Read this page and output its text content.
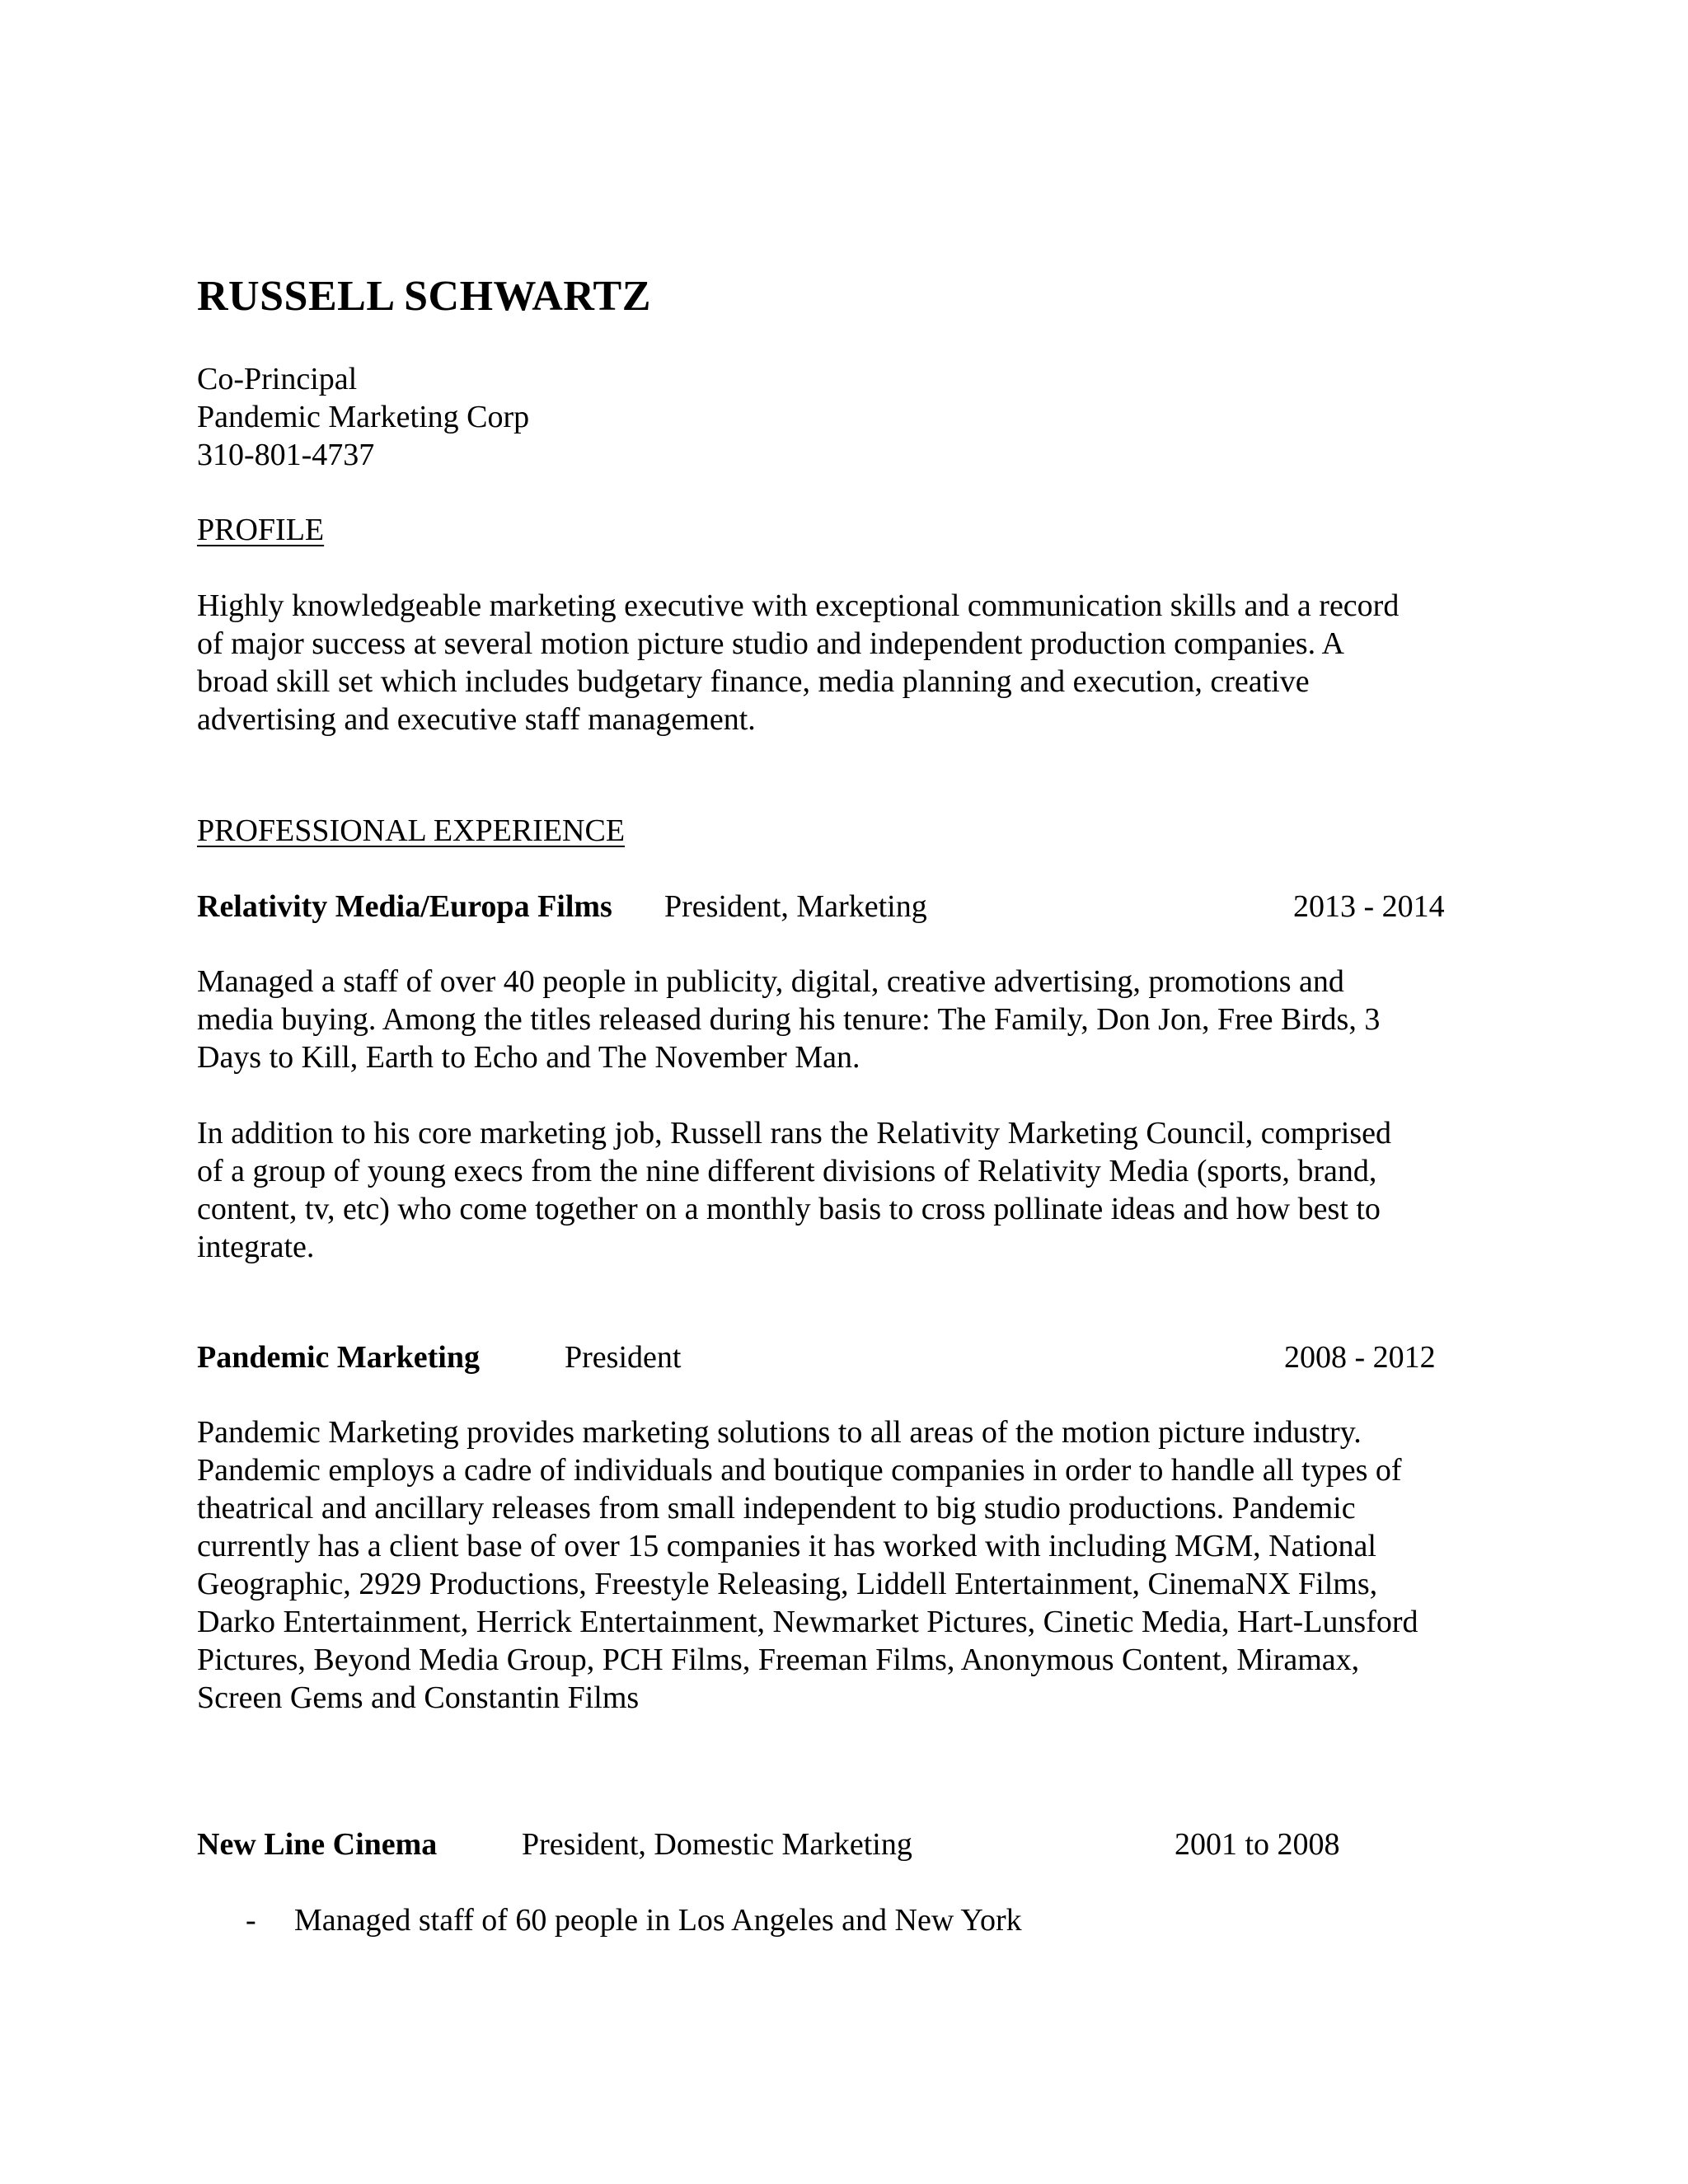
RUSSELL SCHWARTZ
Co-Principal
Pandemic Marketing Corp
310-801-4737
PROFILE
Highly knowledgeable marketing executive with exceptional communication skills and a record
of major success at several motion picture studio and independent production companies. A
broad skill set which includes budgetary finance, media planning and execution, creative
advertising and executive staff management.
PROFESSIONAL EXPERIENCE
Relativity Media/Europa Films President, Marketing	2013 - 2014
Managed a staff of over 40 people in publicity, digital, creative advertising, promotions and
media buying. Among the titles released during his tenure: The Family, Don Jon, Free Birds, 3
Days to Kill, Earth to Echo and The November Man.
In addition to his core marketing job, Russell rans the Relativity Marketing Council, comprised
of a group of young execs from the nine different divisions of Relativity Media (sports, brand,
content, tv, etc) who come together on a monthly basis to cross pollinate ideas and how best to
integrate.
Pandemic Marketing	President	2008 - 2012
Pandemic Marketing provides marketing solutions to all areas of the motion picture industry.
Pandemic employs a cadre of individuals and boutique companies in order to handle all types of
theatrical and ancillary releases from small independent to big studio productions. Pandemic
currently has a client base of over 15 companies it has worked with including MGM, National
Geographic, 2929 Productions, Freestyle Releasing, Liddell Entertainment, CinemaNX Films,
Darko Entertainment, Herrick Entertainment, Newmarket Pictures, Cinetic Media, Hart-Lunsford
Pictures, Beyond Media Group, PCH Films, Freeman Films, Anonymous Content, Miramax,
Screen Gems and Constantin Films
New Line Cinema	President, Domestic Marketing	2001 to 2008
- Managed staff of 60 people in Los Angeles and New York
